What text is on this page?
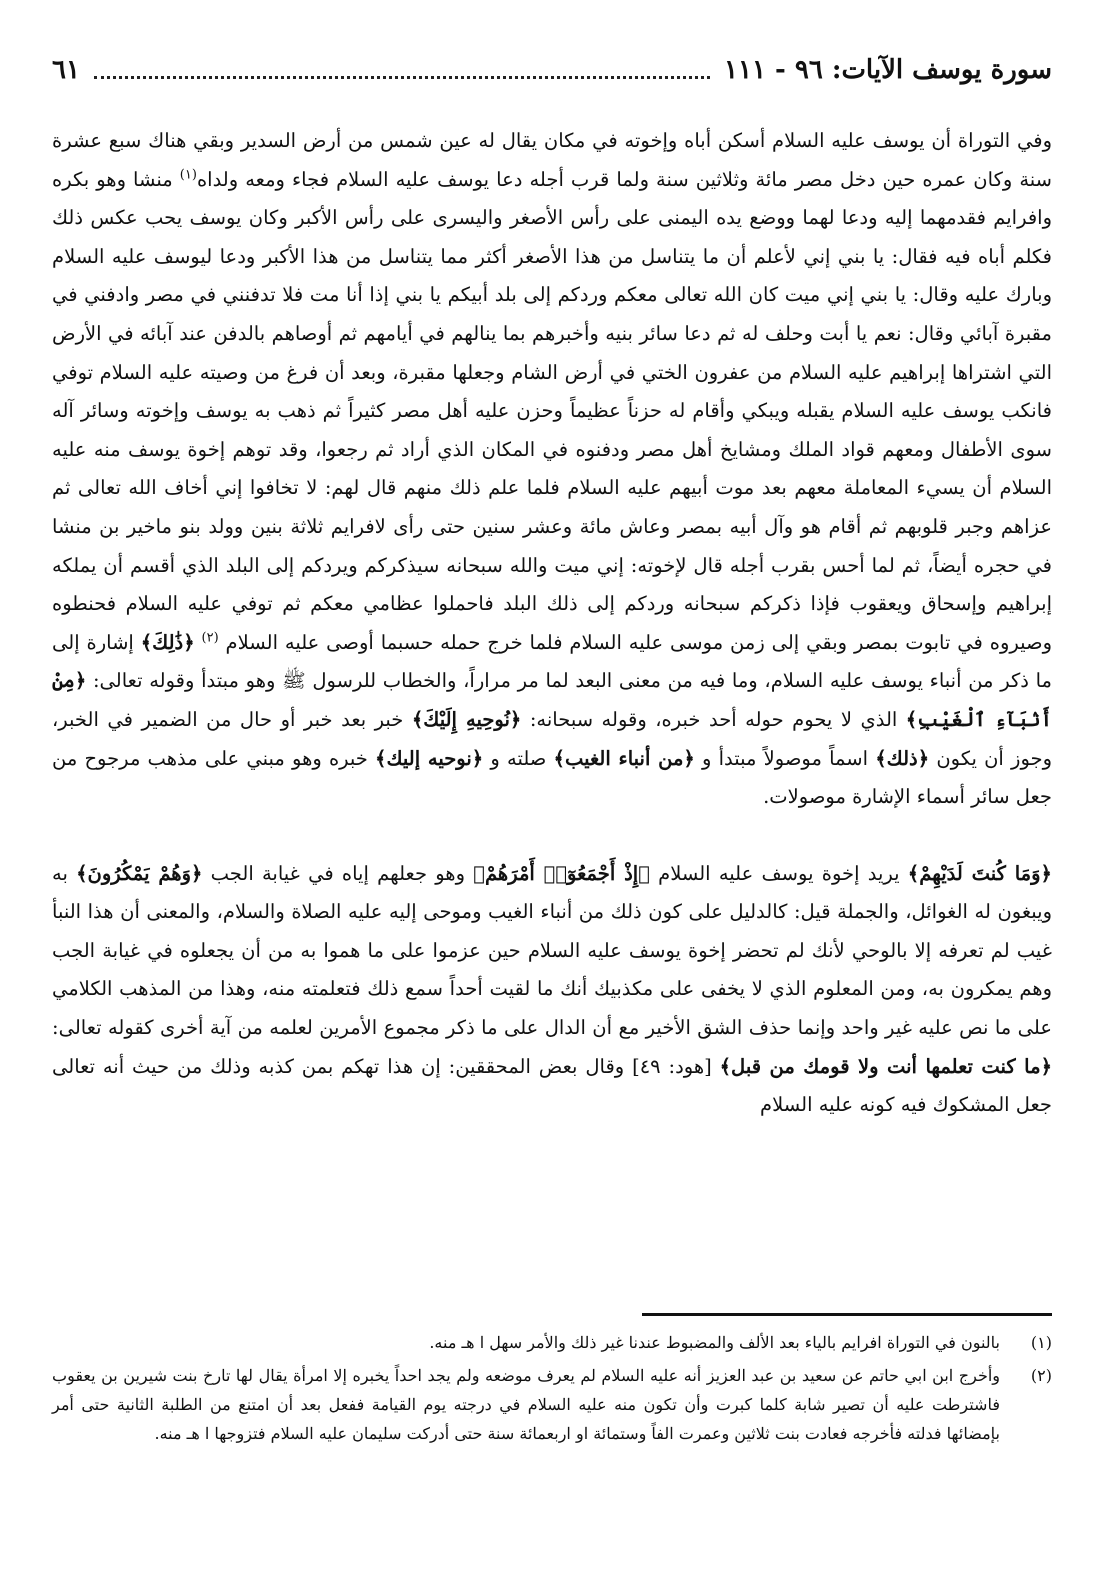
سورة يوسف الآيات: ٩٦ - ١١١
٦١
وفي التوراة أن يوسف عليه السلام أسكن أباه وإخوته في مكان يقال له عين شمس من أرض السدير وبقي هناك سبع عشرة سنة وكان عمره حين دخل مصر مائة وثلاثين سنة ولما قرب أجله دعا يوسف عليه السلام فجاء ومعه ولداه$^{(١)}$ منشا وهو بكره وافرايم فقدمهما إليه ودعا لهما ووضع يده اليمنى على رأس الأصغر واليسرى على رأس الأكبر وكان يوسف يحب عكس ذلك فكلم أباه فيه فقال: يا بني إني لأعلم أن ما يتناسل من هذا الأصغر أكثر مما يتناسل من هذا الأكبر ودعا ليوسف عليه السلام وبارك عليه وقال: يا بني إني ميت كان الله تعالى معكم وردكم إلى بلد أبيكم يا بني إذا أنا مت فلا تدفنني في مصر وادفني في مقبرة آبائي وقال: نعم يا أبت وحلف له ثم دعا سائر بنيه وأخبرهم بما ينالهم في أيامهم ثم أوصاهم بالدفن عند آبائه في الأرض التي اشتراها إبراهيم عليه السلام من عفرون الختي في أرض الشام وجعلها مقبرة، وبعد أن فرغ من وصيته عليه السلام توفي فانكب يوسف عليه السلام يقبله ويبكي وأقام له حزناً عظيماً وحزن عليه أهل مصر كثيراً ثم ذهب به يوسف وإخوته وسائر آله سوى الأطفال ومعهم قواد الملك ومشايخ أهل مصر ودفنوه في المكان الذي أراد ثم رجعوا، وقد توهم إخوة يوسف منه عليه السلام أن يسيء المعاملة معهم بعد موت أبيهم عليه السلام فلما علم ذلك منهم قال لهم: لا تخافوا إني أخاف الله تعالى ثم عزاهم وجبر قلوبهم ثم أقام هو وآل أبيه بمصر وعاش مائة وعشر سنين حتى رأى لافرايم ثلاثة بنين وولد بنو ماخير بن منشا في حجره أيضاً، ثم لما أحس بقرب أجله قال لإخوته: إني ميت والله سبحانه سيذكركم ويردكم إلى البلد الذي أقسم أن يملكه إبراهيم وإسحاق ويعقوب فإذا ذكركم سبحانه وردكم إلى ذلك البلد فاحملوا عظامي معكم ثم توفي عليه السلام فحنطوه وصيروه في تابوت بمصر وبقي إلى زمن موسى عليه السلام فلما خرج حمله حسبما أوصى عليه السلام $^{(٢)}$ ﴿ذَٰلِكَ﴾ إشارة إلى ما ذكر من أنباء يوسف عليه السلام، وما فيه من معنى البعد لما مر مراراً، والخطاب للرسول ﷺ وهو مبتدأ وقوله تعالى: ﴿مِنْ أَنۢبَآءِ ٱلْغَيْبِ﴾ الذي لا يحوم حوله أحد خبره، وقوله سبحانه: ﴿نُوحِيهِ إِلَيْكَ﴾ خبر بعد خبر أو حال من الضمير في الخبر، وجوز أن يكون ﴿ذلك﴾ اسماً موصولاً مبتدأ و ﴿من أنباء الغيب﴾ صلته و ﴿نوحيه إليك﴾ خبره وهو مبني على مذهب مرجوح من جعل سائر أسماء الإشارة موصولات.
﴿وَمَا كُنتَ لَدَيْهِمْ﴾ يريد إخوة يوسف عليه السلام ﴿إِذْ أَجْمَعُوٓا۟ أَمْرَهُمْ﴾ وهو جعلهم إياه في غيابة الجب ﴿وَهُمْ يَمْكُرُونَ﴾ به ويبغون له الغوائل، والجملة قيل: كالدليل على كون ذلك من أنباء الغيب وموحى إليه عليه الصلاة والسلام، والمعنى أن هذا النبأ غيب لم تعرفه إلا بالوحي لأنك لم تحضر إخوة يوسف عليه السلام حين عزموا على ما هموا به من أن يجعلوه في غيابة الجب وهم يمكرون به، ومن المعلوم الذي لا يخفى على مكذبيك أنك ما لقيت أحداً سمع ذلك فتعلمته منه، وهذا من المذهب الكلامي على ما نص عليه غير واحد وإنما حذف الشق الأخير مع أن الدال على ما ذكر مجموع الأمرين لعلمه من آية أخرى كقوله تعالى: ﴿ما كنت تعلمها أنت ولا قومك من قبل﴾ [هود: ٤٩] وقال بعض المحققين: إن هذا تهكم بمن كذبه وذلك من حيث أنه تعالى جعل المشكوك فيه كونه عليه السلام
(١)
بالنون في التوراة افرايم بالياء بعد الألف والمضبوط عندنا غير ذلك والأمر سهل ا هـ منه.
(٢)
وأخرج ابن ابي حاتم عن سعيد بن عبد العزيز أنه عليه السلام لم يعرف موضعه ولم يجد احداً يخبره إلا امرأة يقال لها تارخ بنت شيرين بن يعقوب فاشترطت عليه أن تصير شابة كلما كبرت وأن تكون منه عليه السلام في درجته يوم القيامة ففعل بعد أن امتنع من الطلبة الثانية حتى أمر بإمضائها فدلته فأخرجه فعادت بنت ثلاثين وعمرت الفاً وستمائة او اربعمائة سنة حتى أدركت سليمان عليه السلام فتزوجها ا هـ منه.
